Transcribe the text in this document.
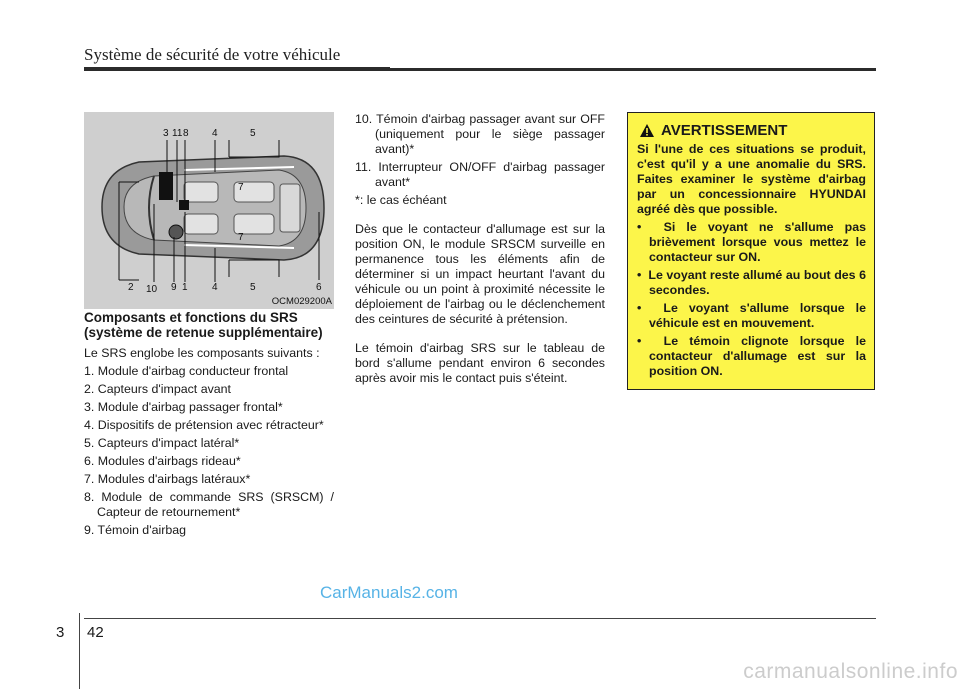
Système de sécurité de votre véhicule
3 11 8 4	5
2 10 9 1 4	5	6
7
7
OCM029200A
Composants et fonctions du SRS (système de retenue supplémentaire)

Le SRS englobe les composants suivants :

1. Module d'airbag conducteur frontal
2. Capteurs d'impact avant
3. Module d'airbag passager frontal*
4. Dispositifs de prétension avec rétracteur*
5. Capteurs d'impact latéral*
6. Modules d'airbags rideau*
7. Modules d'airbags latéraux*
8. Module de commande SRS (SRSCM) / Capteur de retournement*
9. Témoin d'airbag
10. Témoin d'airbag passager avant sur OFF (uniquement pour le siège passager avant)*
11. Interrupteur ON/OFF d'airbag passager avant*

*: le cas échéant

Dès que le contacteur d'allumage est sur la position ON, le module SRSCM surveille en permanence tous les éléments afin de déterminer si un impact heurtant l'avant du véhicule ou un point à proximité nécessite le déploiement de l'airbag ou le déclenchement des ceintures de sécurité à prétension.

Le témoin d'airbag SRS sur le tableau de bord s'allume pendant environ 6 secondes après avoir mis le contact puis s'éteint.

AVERTISSEMENT
Si l'une de ces situations se produit, c'est qu'il y a une anomalie du SRS. Faites examiner le système d'airbag par un concessionnaire HYUNDAI agréé dès que possible.
• Si le voyant ne s'allume pas brièvement lorsque vous mettez le contacteur sur ON.
• Le voyant reste allumé au bout des 6 secondes.
• Le voyant s'allume lorsque le véhicule est en mouvement.
• Le témoin clignote lorsque le contacteur d'allumage est sur la position ON.
CarManuals2.com
3 42
carmanualsonline.info
